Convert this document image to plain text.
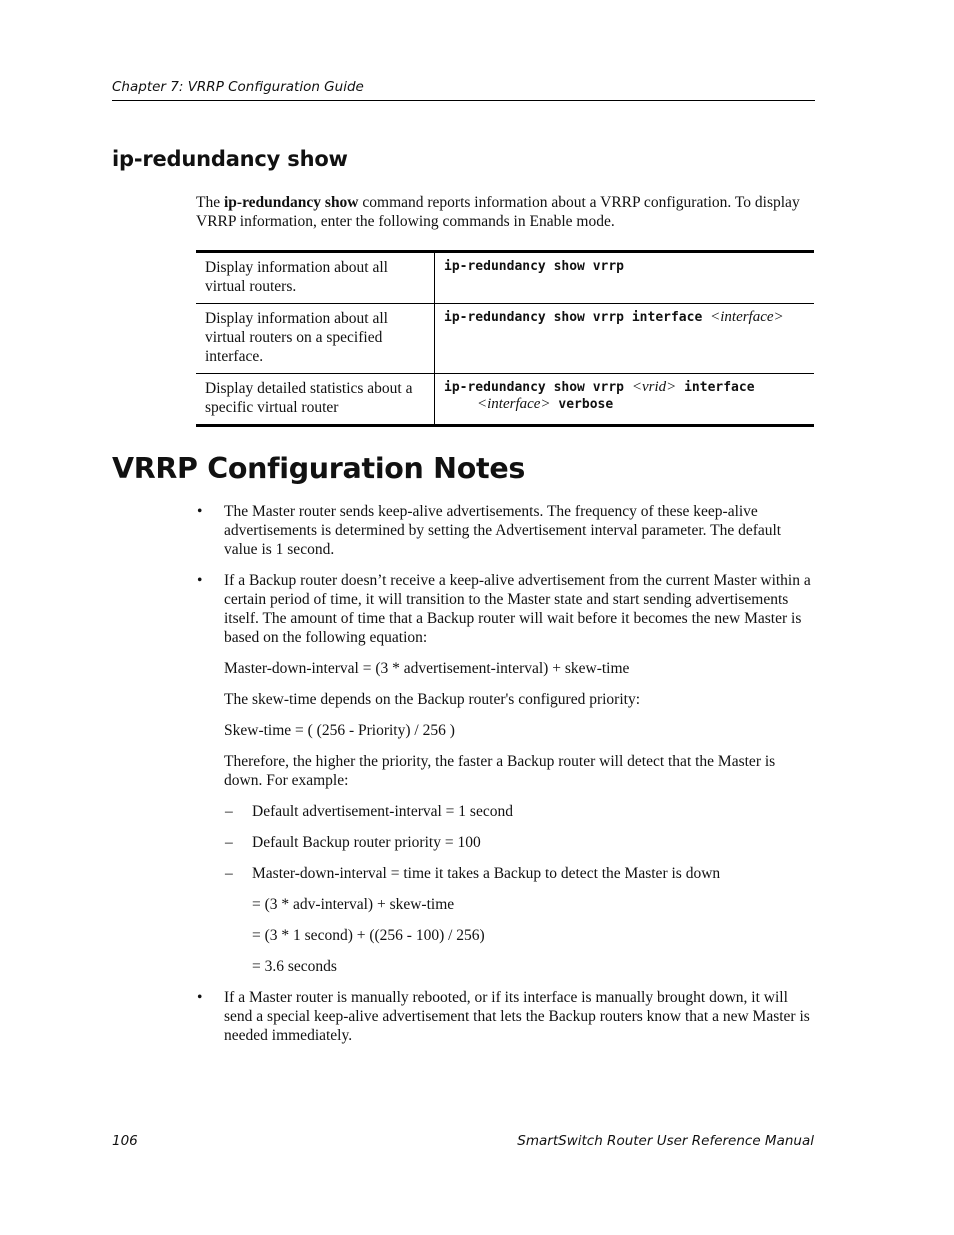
Chapter 7: VRRP Configuration Guide
ip-redundancy show

The ip-redundancy show command reports information about a VRRP configuration. To display VRRP information, enter the following commands in Enable mode.

Display information about all virtual routers.	ip-redundancy show vrrp
Display information about all virtual routers on a specified interface.	ip-redundancy show vrrp interface <interface>
Display detailed statistics about a specific virtual router	ip-redundancy show vrrp <vrid> interface
<interface> verbose
VRRP Configuration Notes
• The Master router sends keep-alive advertisements. The frequency of these keep-alive advertisements is determined by setting the Advertisement interval parameter. The default value is 1 second.
• If a Backup router doesn’t receive a keep-alive advertisement from the current Master within a certain period of time, it will transition to the Master state and start sending advertisements itself. The amount of time that a Backup router will wait before it becomes the new Master is based on the following equation:

Master-down-interval = (3 * advertisement-interval) + skew-time

The skew-time depends on the Backup router's configured priority:

Skew-time = ( (256 - Priority) / 256 )

Therefore, the higher the priority, the faster a Backup router will detect that the Master is down. For example:

– Default advertisement-interval = 1 second
– Default Backup router priority = 100
– Master-down-interval = time it takes a Backup to detect the Master is down
= (3 * adv-interval) + skew-time
= (3 * 1 second) + ((256 - 100) / 256)
= 3.6 seconds
• If a Master router is manually rebooted, or if its interface is manually brought down, it will send a special keep-alive advertisement that lets the Backup routers know that a new Master is needed immediately.
106	SmartSwitch Router User Reference Manual
